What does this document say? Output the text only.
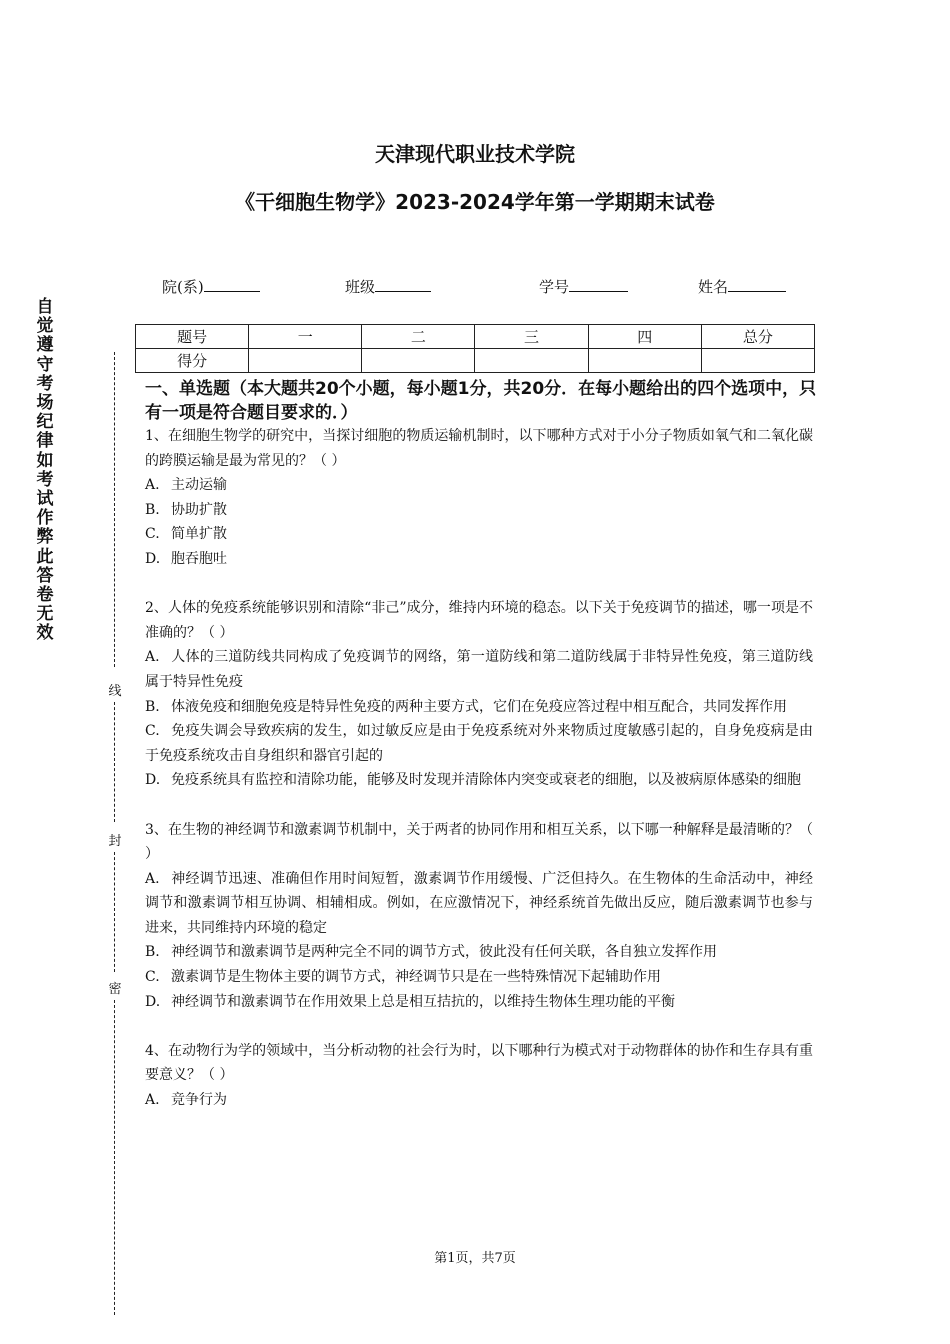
天津现代职业技术学院
《干细胞生物学》2023-2024学年第一学期期末试卷
院(系)	班级	学号	姓名
自觉遵守考场纪律如考试作弊此答卷无效
线
封
密
题号	一	二	三	四	总分
得分					
一、单选题（本大题共20个小题，每小题1分，共20分．在每小题给出的四个选项中，只有一项是符合题目要求的．）
1、在细胞生物学的研究中，当探讨细胞的物质运输机制时，以下哪种方式对于小分子物质如氧气和二氧化碳的跨膜运输是最为常见的？（ ）
A. 主动运输
B. 协助扩散
C. 简单扩散
D. 胞吞胞吐
2、人体的免疫系统能够识别和清除“非己”成分，维持内环境的稳态。以下关于免疫调节的描述，哪一项是不准确的？（ ）
A. 人体的三道防线共同构成了免疫调节的网络，第一道防线和第二道防线属于非特异性免疫，第三道防线属于特异性免疫
B. 体液免疫和细胞免疫是特异性免疫的两种主要方式，它们在免疫应答过程中相互配合，共同发挥作用
C. 免疫失调会导致疾病的发生，如过敏反应是由于免疫系统对外来物质过度敏感引起的，自身免疫病是由于免疫系统攻击自身组织和器官引起的
D. 免疫系统具有监控和清除功能，能够及时发现并清除体内突变或衰老的细胞，以及被病原体感染的细胞
3、在生物的神经调节和激素调节机制中，关于两者的协同作用和相互关系，以下哪一种解释是最清晰的？（ ）
A. 神经调节迅速、准确但作用时间短暂，激素调节作用缓慢、广泛但持久。在生物体的生命活动中，神经调节和激素调节相互协调、相辅相成。例如，在应激情况下，神经系统首先做出反应，随后激素调节也参与进来，共同维持内环境的稳定
B. 神经调节和激素调节是两种完全不同的调节方式，彼此没有任何关联，各自独立发挥作用
C. 激素调节是生物体主要的调节方式，神经调节只是在一些特殊情况下起辅助作用
D. 神经调节和激素调节在作用效果上总是相互拮抗的，以维持生物体生理功能的平衡
4、在动物行为学的领域中，当分析动物的社会行为时，以下哪种行为模式对于动物群体的协作和生存具有重要意义？（ ）
A. 竞争行为
第1页，共7页
